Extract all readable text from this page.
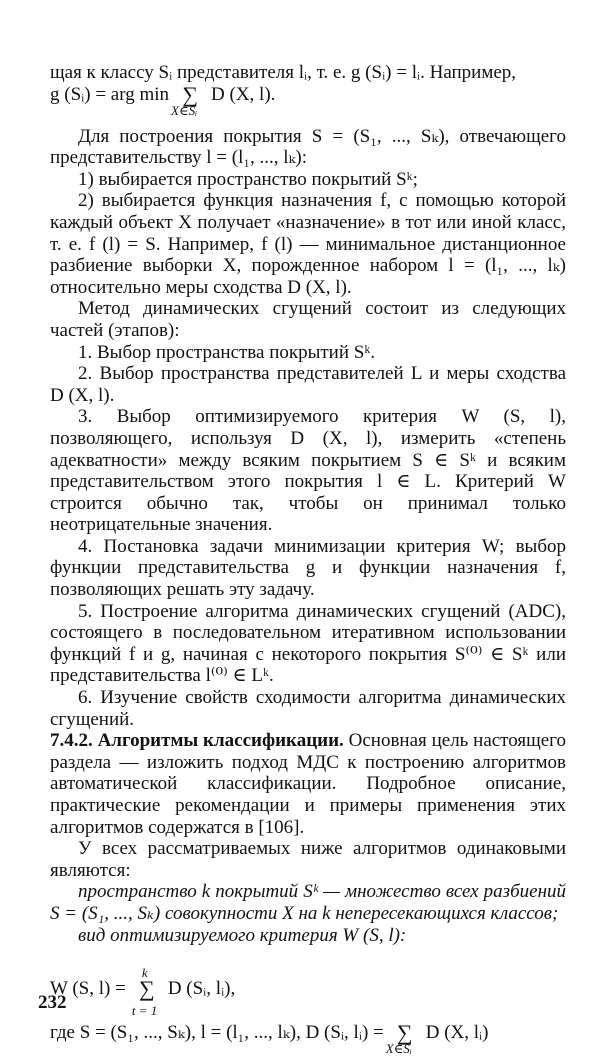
щая к классу Sᵢ представителя lᵢ, т. е. g (Sᵢ) = lᵢ. Например,

g (Sᵢ) = arg min ∑
X∈Sᵢ
D (X, l).

Для построения покрытия S = (S₁, ..., Sₖ), отвечающего представительству l = (l₁, ..., lₖ):

1) выбирается пространство покрытий Sᵏ;

2) выбирается функция назначения f, с помощью которой каждый объект X получает «назначение» в тот или иной класс, т. е. f (l) = S. Например, f (l) — минимальное дистанционное разбиение выборки X, порожденное набором l = (l₁, ..., lₖ) относительно меры сходства D (X, l).

Метод динамических сгущений состоит из следующих частей (этапов):

1. Выбор пространства покрытий Sᵏ.

2. Выбор пространства представителей L и меры сходства D (X, l).

3. Выбор оптимизируемого критерия W (S, l), позволяющего, используя D (X, l), измерить «степень адекватности» между всяким покрытием S ∈ Sᵏ и всяким представительством этого покрытия l ∈ L. Критерий W строится обычно так, чтобы он принимал только неотрицательные значения.

4. Постановка задачи минимизации критерия W; выбор функции представительства g и функции назначения f, позволяющих решать эту задачу.

5. Построение алгоритма динамических сгущений (ADC), состоящего в последовательном итеративном использовании функций f и g, начиная с некоторого покрытия S⁽⁰⁾ ∈ Sᵏ или представительства l⁽⁰⁾ ∈ Lᵏ.

6. Изучение свойств сходимости алгоритма динамических сгущений.

7.4.2. Алгоритмы классификации. Основная цель настоящего раздела — изложить подход МДС к построению алгоритмов автоматической классификации. Подробное описание, практические рекомендации и примеры применения этих алгоритмов содержатся в [106].

У всех рассматриваемых ниже алгоритмов одинаковыми являются:

пространство k покрытий Sᵏ — множество всех разбиений S = (S₁, ..., Sₖ) совокупности X на k непересекающихся классов;

вид оптимизируемого критерия W (S, l):

W (S, l) =
k
∑
t = 1
D (Sᵢ, lᵢ),
где S = (S₁, ..., Sₖ), l = (l₁, ..., lₖ), D (Sᵢ, lᵢ) = ∑
X∈Sᵢ
D (X, lᵢ)
232
